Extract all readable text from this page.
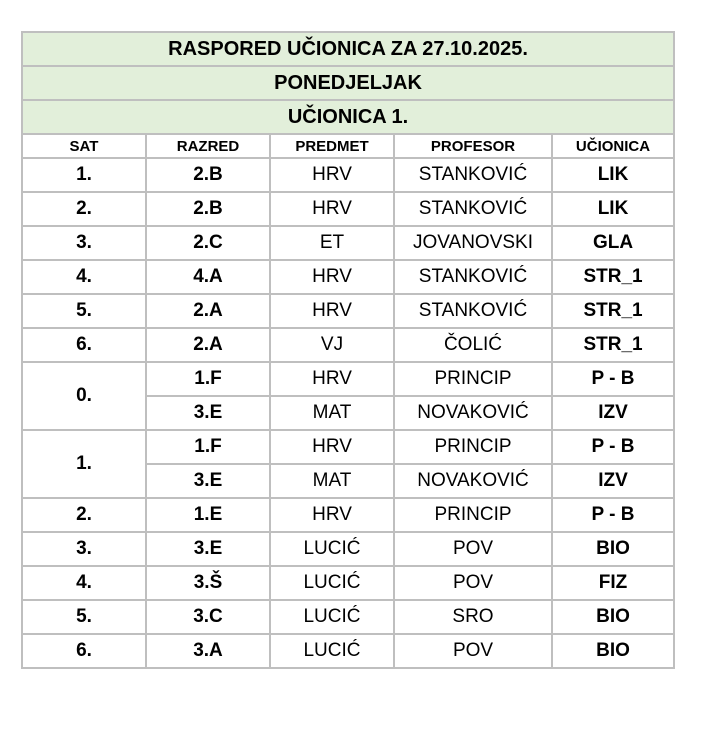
RASPORED UČIONICA ZA 27.10.2025.				
PONEDJELJAK				
UČIONICA 1.				
SAT	RAZRED	PREDMET	PROFESOR	UČIONICA
1.	2.B	HRV	STANKOVIĆ	LIK
2.	2.B	HRV	STANKOVIĆ	LIK
3.	2.C	ET	JOVANOVSKI	GLA
4.	4.A	HRV	STANKOVIĆ	STR_1
5.	2.A	HRV	STANKOVIĆ	STR_1
6.	2.A	VJ	ČOLIĆ	STR_1
0.	1.F	HRV	PRINCIP	P - B
	3.E	MAT	NOVAKOVIĆ	IZV
1.	1.F	HRV	PRINCIP	P - B
	3.E	MAT	NOVAKOVIĆ	IZV
2.	1.E	HRV	PRINCIP	P - B
3.	3.E	LUCIĆ	POV	BIO
4.	3.Š	LUCIĆ	POV	FIZ
5.	3.C	LUCIĆ	SRO	BIO
6.	3.A	LUCIĆ	POV	BIO
